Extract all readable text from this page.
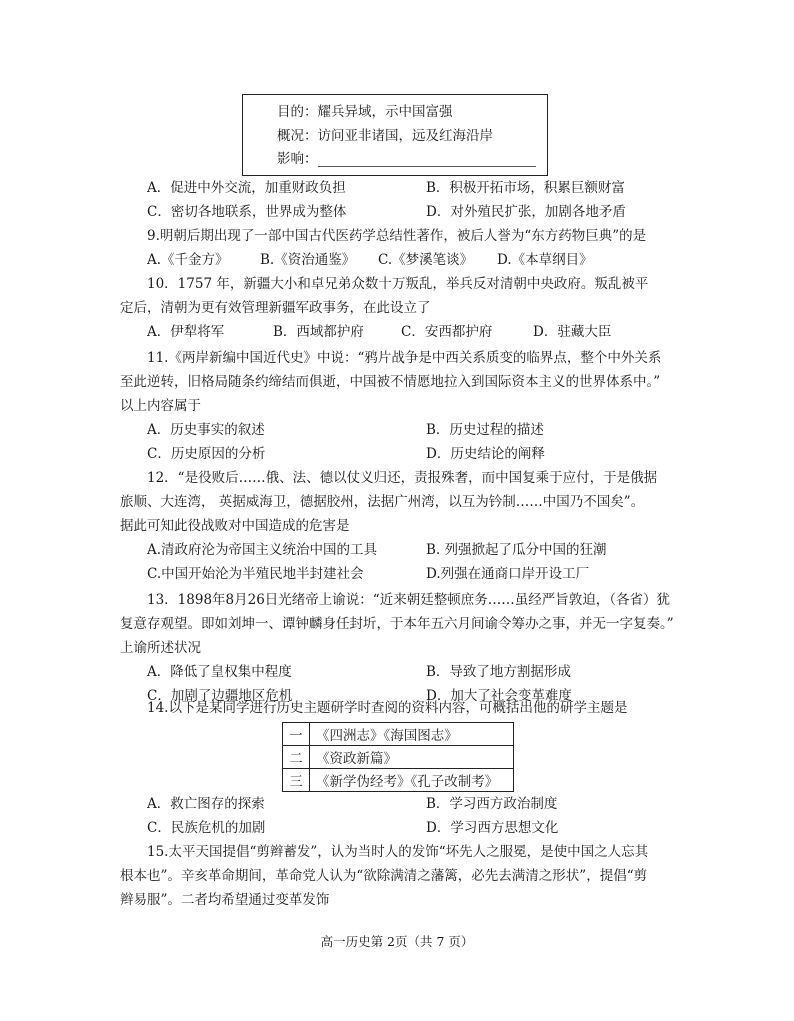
目的：耀兵异域，示中国富强
概况：访问亚非诸国，远及红海沿岸
影响：
A．促进中外交流，加重财政负担	B．积极开拓市场，积累巨额财富
C．密切各地联系，世界成为整体	D．对外殖民扩张，加剧各地矛盾
9.明朝后期出现了一部中国古代医药学总结性著作，被后人誉为“东方药物巨典”的是
A.《千金方》 B.《资治通鉴》 C.《梦溪笔谈》 D.《本草纲目》
10．1757 年，新疆大小和卓兄弟众数十万叛乱，举兵反对清朝中央政府。叛乱被平
定后，清朝为更有效管理新疆军政事务，在此设立了
A．伊犁将军	B．西域都护府	C．安西都护府	D．驻藏大臣
11.《两岸新编中国近代史》中说：“鸦片战争是中西关系质变的临界点，整个中外关系
至此逆转，旧格局随条约缔结而俱逝，中国被不情愿地拉入到国际资本主义的世界体系中。”
以上内容属于
A．历史事实的叙述	B．历史过程的描述
C．历史原因的分析	D．历史结论的阐释
12．“是役败后……俄、法、德以仗义归还，责报殊奢，而中国复乘于应付，于是俄据
旅顺、大连湾， 英据威海卫，德据胶州，法据广州湾，以互为钤制……中国乃不国矣”。
据此可知此役战败对中国造成的危害是
A.清政府沦为帝国主义统治中国的工具	B. 列强掀起了瓜分中国的狂潮
C.中国开始沦为半殖民地半封建社会	D.列强在通商口岸开设工厂
13．1898年8月26日光绪帝上谕说：“近来朝廷整顿庶务……虽经严旨敦迫，（各省）犹
复意存观望。即如刘坤一、谭钟麟身任封圻，于本年五六月间谕令筹办之事，并无一字复奏。”
上谕所述状况
A．降低了皇权集中程度	B．导致了地方割据形成
C．加剧了边疆地区危机	D．加大了社会变革难度
14.以下是某同学进行历史主题研学时查阅的资料内容，可概括出他的研学主题是
一	《四洲志》《海国图志》
二	《资政新篇》
三	《新学伪经考》《孔子改制考》
A．救亡图存的探索	B．学习西方政治制度
C．民族危机的加剧	D．学习西方思想文化
15.太平天国提倡“剪辫蓄发”，认为当时人的发饰“坏先人之服冕，是使中国之人忘其
根本也”。辛亥革命期间，革命党人认为“欲除满清之藩篱，必先去满清之形状”，提倡“剪
辫易服”。二者均希望通过变革发饰
高一历史第 2页（共 7 页）
